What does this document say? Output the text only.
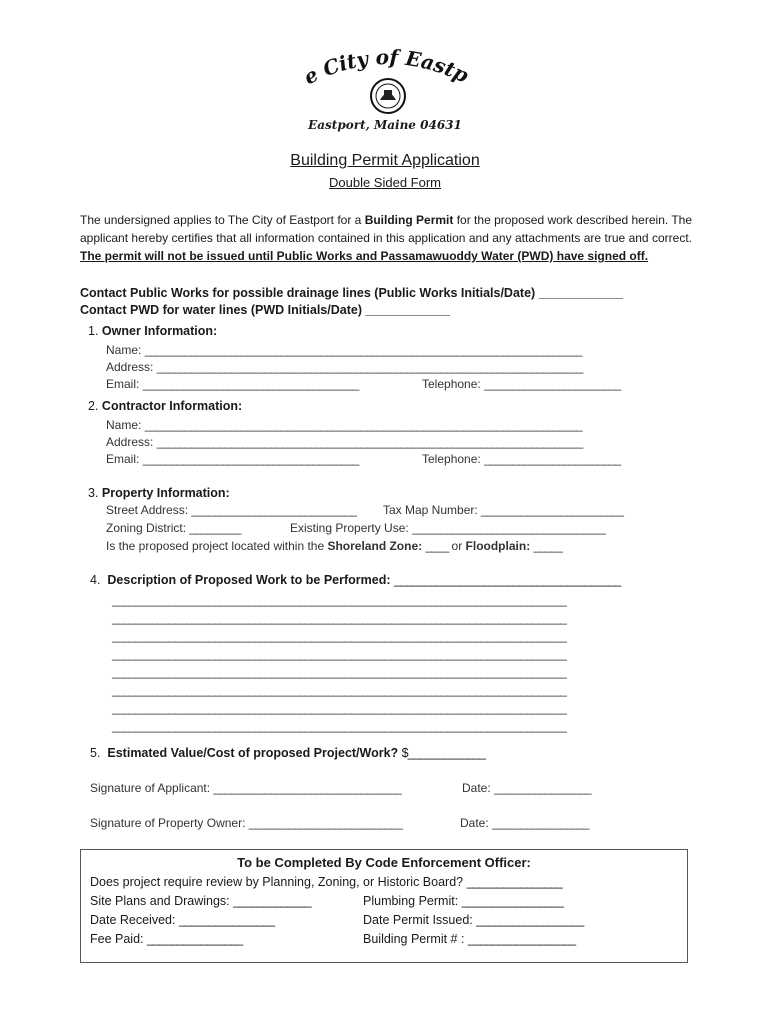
e City of Eastp
Eastport, Maine 04631
Building Permit Application
Double Sided Form
The undersigned applies to The City of Eastport for a Building Permit for the proposed work described herein. The applicant hereby certifies that all information contained in this application and any attachments are true and correct. The permit will not be issued until Public Works and Passamawuoddy Water (PWD) have signed off.
Contact Public Works for possible drainage lines (Public Works Initials/Date) ______________
Contact PWD for water lines (PWD Initials/Date) ______________
1. Owner Information:
Name: _____________________________________________________________________________
Address: ___________________________________________________________________________
Email: ______________________________________	Telephone: ________________________
2. Contractor Information:
Name: _____________________________________________________________________________
Address: ___________________________________________________________________________
Email: ______________________________________	Telephone: ________________________
3. Property Information:
Street Address: _____________________________ Tax Map Number: _________________________
Zoning District: _________	Existing Property Use: __________________________________
Is the proposed project located within the Shoreland Zone: ____ or Floodplain: _____
4. Description of Proposed Work to be Performed: ______________________________________
________________________________________________________________________________
________________________________________________________________________________
________________________________________________________________________________
________________________________________________________________________________
________________________________________________________________________________
________________________________________________________________________________
________________________________________________________________________________
________________________________________________________________________________
5. Estimated Value/Cost of proposed Project/Work? $_____________
Signature of Applicant: _________________________________	Date: _________________
Signature of Property Owner: ___________________________	Date: _________________
To be Completed By Code Enforcement Officer:
Does project require review by Planning, Zoning, or Historic Board? ________________
Site Plans and Drawings: _____________	Plumbing Permit: _________________
Date Received: ________________	Date Permit Issued: __________________
Fee Paid: ________________	Building Permit # : __________________
